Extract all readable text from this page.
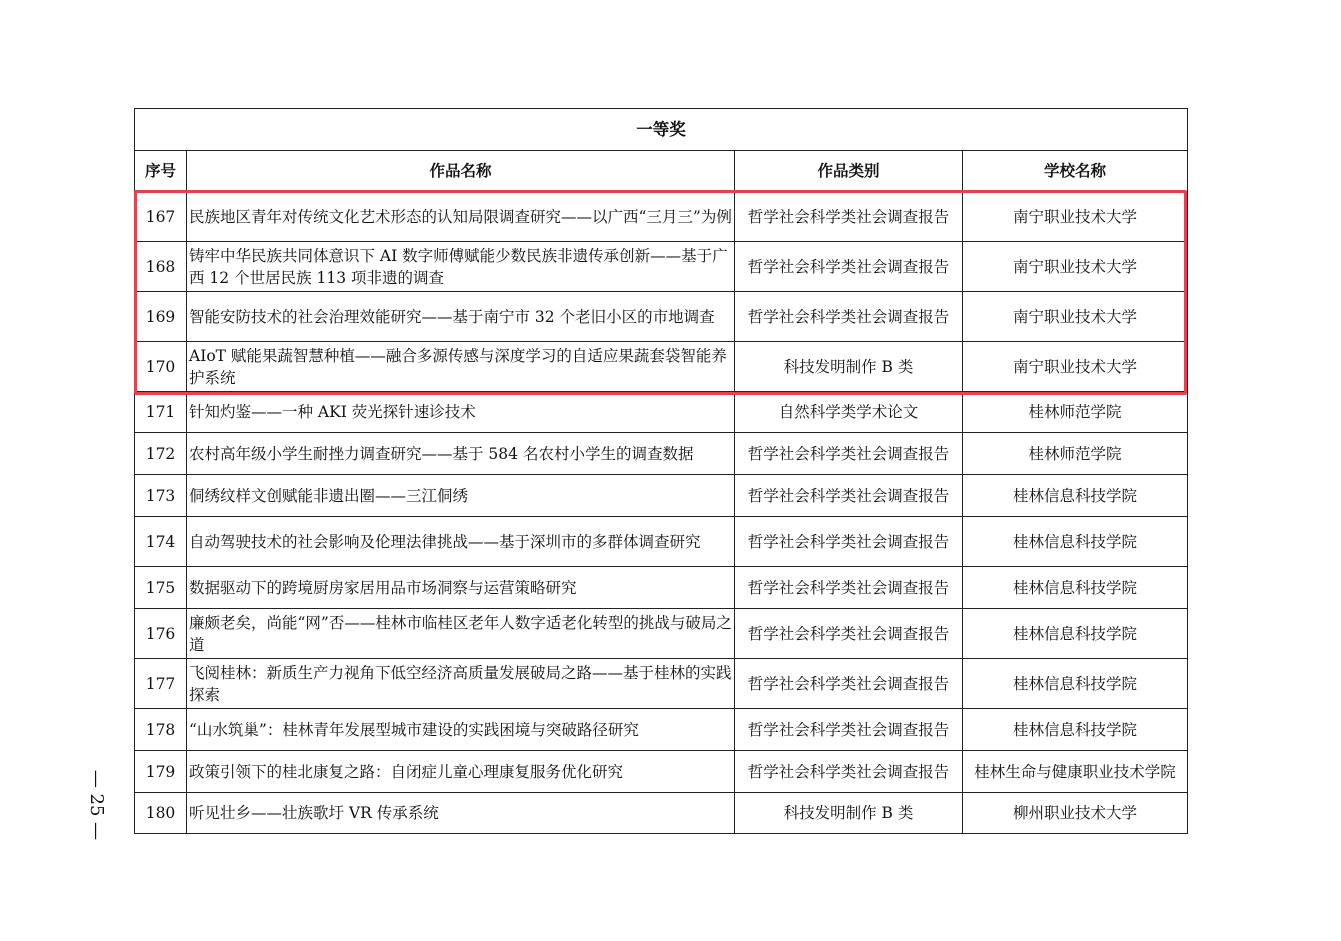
一等奖			
序号	作品名称	作品类别	学校名称
167	民族地区青年对传统文化艺术形态的认知局限调查研究——以广西“三月三”为例	哲学社会科学类社会调查报告	南宁职业技术大学
168	铸牢中华民族共同体意识下 AI 数字师傅赋能少数民族非遗传承创新——基于广西 12 个世居民族 113 项非遗的调查	哲学社会科学类社会调查报告	南宁职业技术大学
169	智能安防技术的社会治理效能研究——基于南宁市 32 个老旧小区的市地调查	哲学社会科学类社会调查报告	南宁职业技术大学
170	AIoT 赋能果蔬智慧种植——融合多源传感与深度学习的自适应果蔬套袋智能养护系统	科技发明制作 B 类	南宁职业技术大学
171	针知灼鉴——一种 AKI 荧光探针速诊技术	自然科学类学术论文	桂林师范学院
172	农村高年级小学生耐挫力调查研究——基于 584 名农村小学生的调查数据	哲学社会科学类社会调查报告	桂林师范学院
173	侗绣纹样文创赋能非遗出圈——三江侗绣	哲学社会科学类社会调查报告	桂林信息科技学院
174	自动驾驶技术的社会影响及伦理法律挑战——基于深圳市的多群体调查研究	哲学社会科学类社会调查报告	桂林信息科技学院
175	数据驱动下的跨境厨房家居用品市场洞察与运营策略研究	哲学社会科学类社会调查报告	桂林信息科技学院
176	廉颇老矣，尚能“网”否——桂林市临桂区老年人数字适老化转型的挑战与破局之道	哲学社会科学类社会调查报告	桂林信息科技学院
177	飞阅桂林：新质生产力视角下低空经济高质量发展破局之路——基于桂林的实践探索	哲学社会科学类社会调查报告	桂林信息科技学院
178	“山水筑巢”：桂林青年发展型城市建设的实践困境与突破路径研究	哲学社会科学类社会调查报告	桂林信息科技学院
179	政策引领下的桂北康复之路：自闭症儿童心理康复服务优化研究	哲学社会科学类社会调查报告	桂林生命与健康职业技术学院
180	听见壮乡——壮族歌圩 VR 传承系统	科技发明制作 B 类	柳州职业技术大学
— 25 —
